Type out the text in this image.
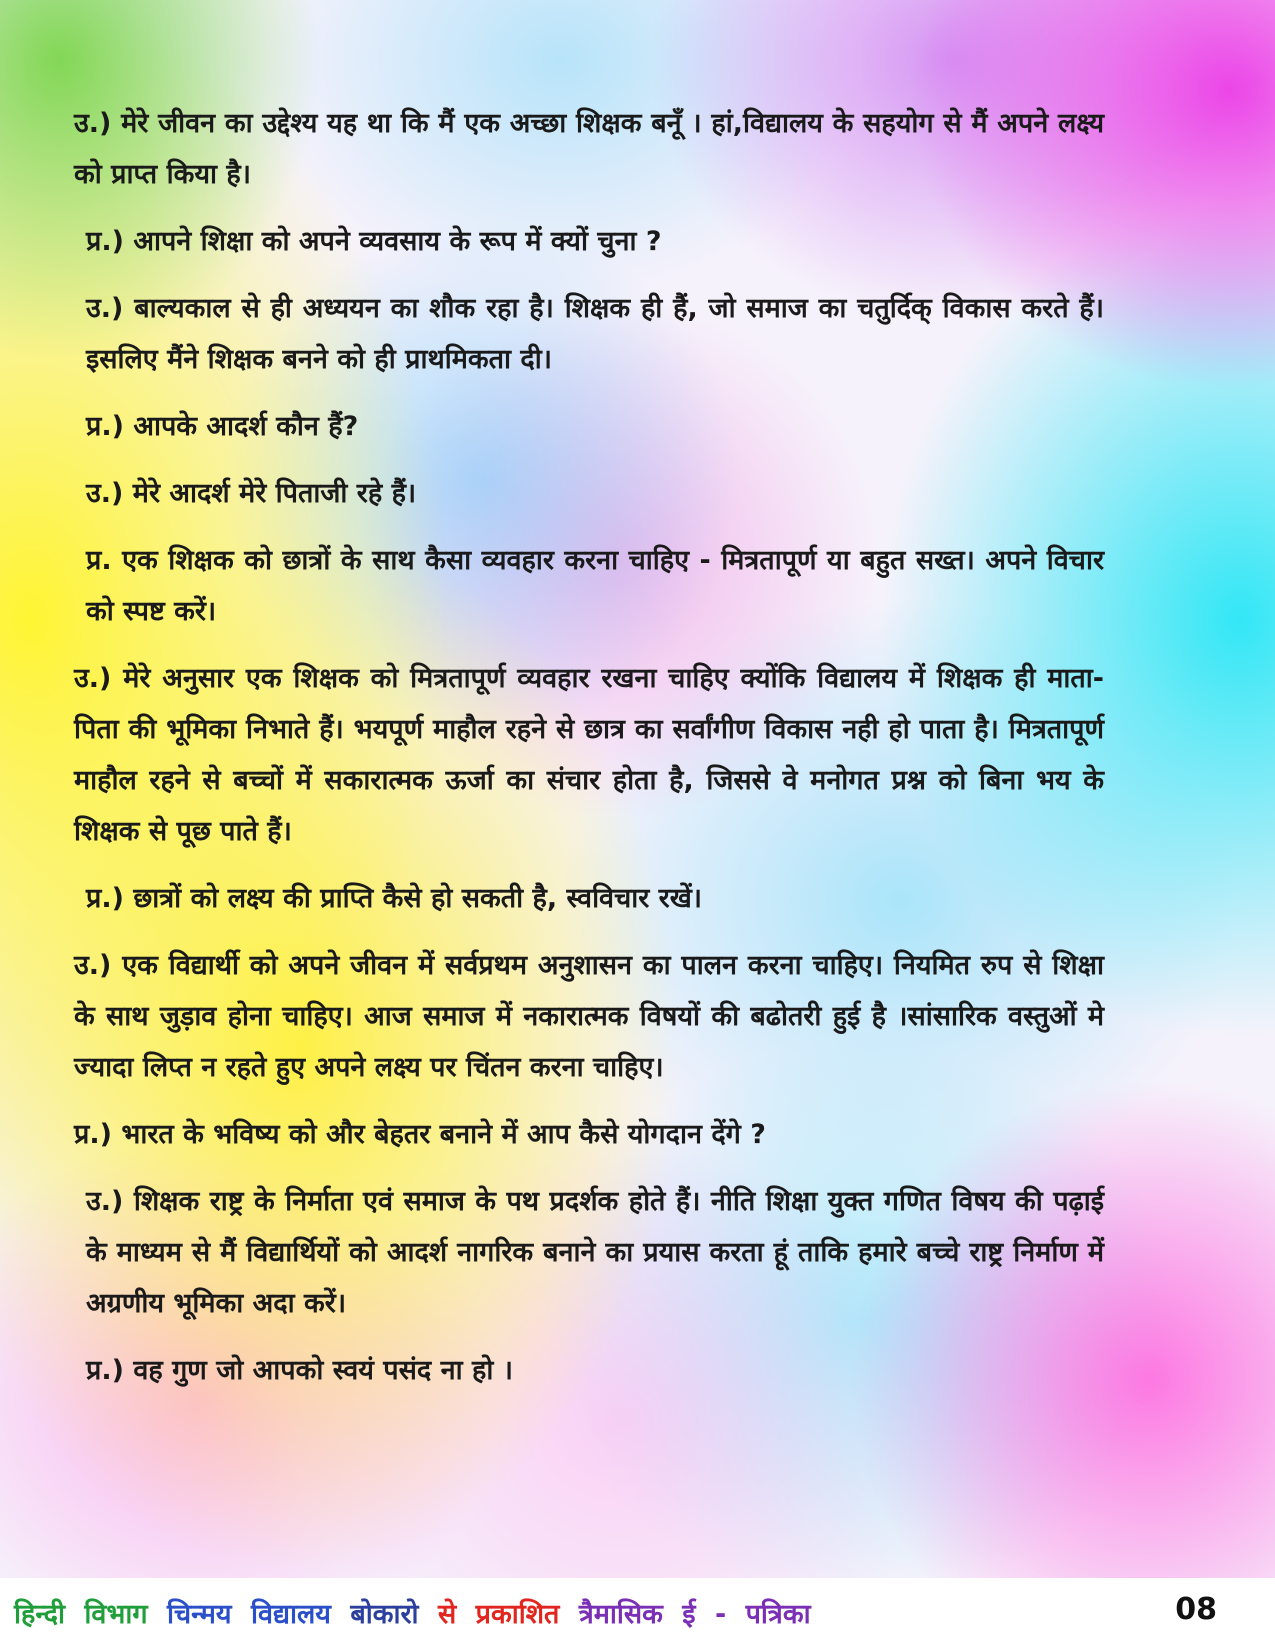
उ.) मेरे जीवन का उद्देश्य यह था कि मैं एक अच्छा शिक्षक बनूँ । हां,विद्यालय के सहयोग से मैं अपने लक्ष्य को प्राप्त किया है।

प्र.) आपने शिक्षा को अपने व्यवसाय के रूप में क्यों चुना ?

उ.) बाल्यकाल से ही अध्ययन का शौक रहा है। शिक्षक ही हैं, जो समाज का चतुर्दिक् विकास करते हैं। इसलिए मैंने शिक्षक बनने को ही प्राथमिकता दी।

प्र.) आपके आदर्श कौन हैं?

उ.) मेरे आदर्श मेरे पिताजी रहे हैं।

प्र. एक शिक्षक को छात्रों के साथ कैसा व्यवहार करना चाहिए - मित्रतापूर्ण या बहुत सख्त। अपने विचार को स्पष्ट करें।

उ.) मेरे अनुसार एक शिक्षक को मित्रतापूर्ण व्यवहार रखना चाहिए क्योंकि विद्यालय में शिक्षक ही माता-पिता की भूमिका निभाते हैं। भयपूर्ण माहौल रहने से छात्र का सर्वांगीण विकास नही हो पाता है। मित्रतापूर्ण माहौल रहने से बच्चों में सकारात्मक ऊर्जा का संचार होता है, जिससे वे मनोगत प्रश्न को बिना भय के शिक्षक से पूछ पाते हैं।

प्र.) छात्रों को लक्ष्य की प्राप्ति कैसे हो सकती है, स्वविचार रखें।

उ.) एक विद्यार्थी को अपने जीवन में सर्वप्रथम अनुशासन का पालन करना चाहिए। नियमित रुप से शिक्षा के साथ जुड़ाव होना चाहिए। आज समाज में नकारात्मक विषयों की बढोतरी हुई है ।सांसारिक वस्तुओं मे ज्यादा लिप्त न रहते हुए अपने लक्ष्य पर चिंतन करना चाहिए।

प्र.) भारत के भविष्य को और बेहतर बनाने में आप कैसे योगदान देंगे ?

उ.) शिक्षक राष्ट्र के निर्माता एवं समाज के पथ प्रदर्शक होते हैं। नीति शिक्षा युक्त गणित विषय की पढ़ाई के माध्यम से मैं विद्यार्थियों को आदर्श नागरिक बनाने का प्रयास करता हूं ताकि हमारे बच्चे राष्ट्र निर्माण में अग्रणीय भूमिका अदा करें।

प्र.) वह गुण जो आपको स्वयं पसंद ना हो ।

हिन्दी विभाग चिन्मय विद्यालय बोकारो से प्रकाशित त्रैमासिक ई - पत्रिका	08
